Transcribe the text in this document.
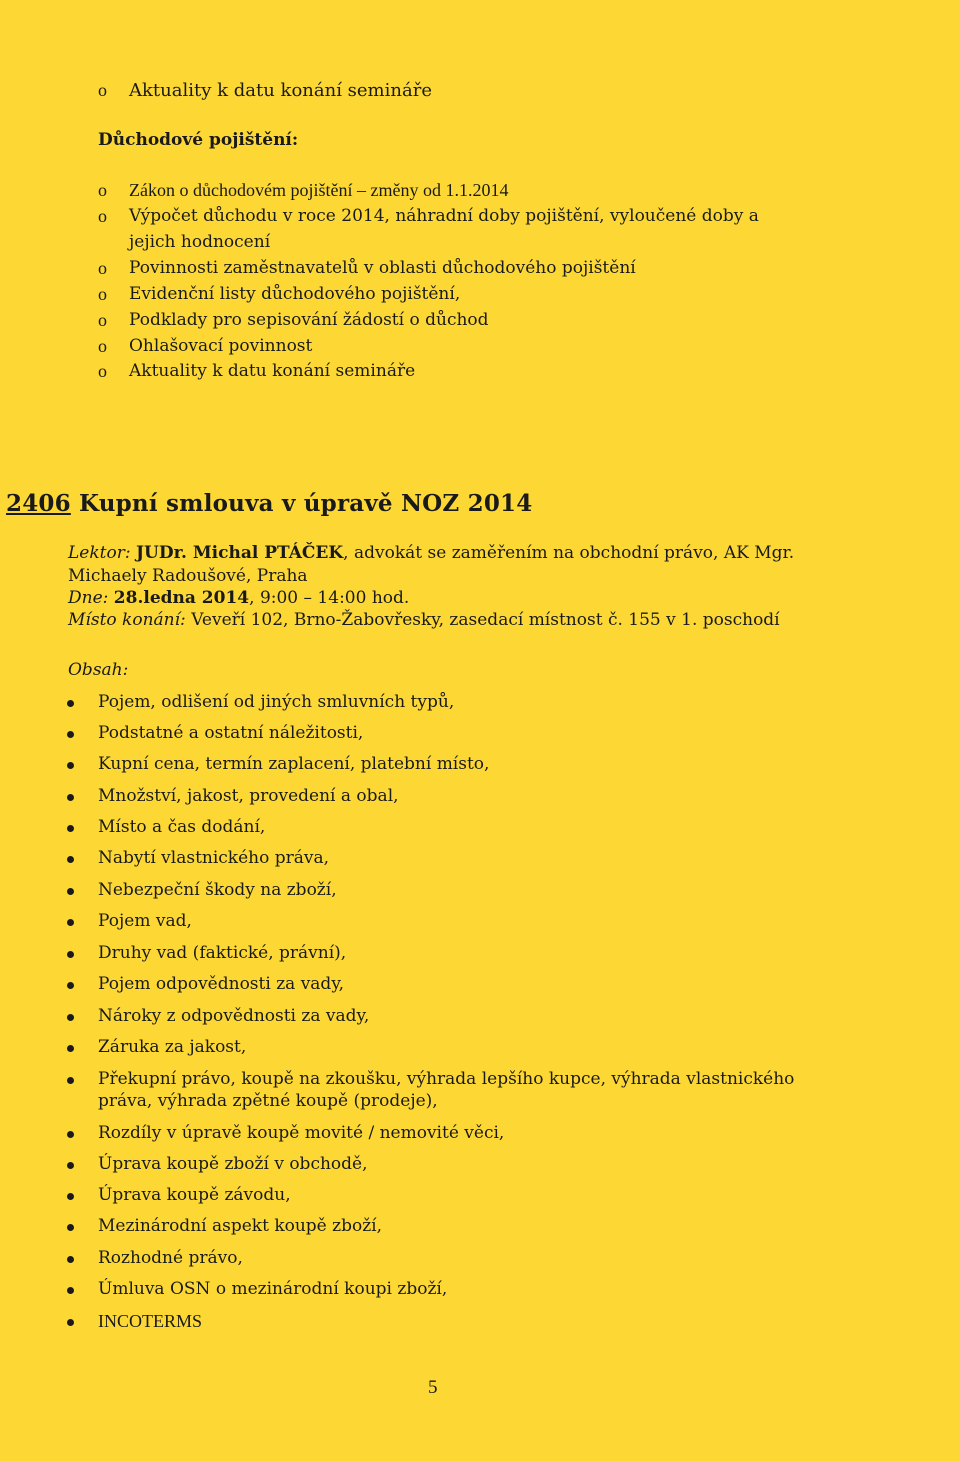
o Aktuality k datu konání semináře
Důchodové pojištění:
o Zákon o důchodovém pojištění – změny od 1.1.2014
o Výpočet důchodu v roce 2014, náhradní doby pojištění, vyloučené doby a
jejich hodnocení
o Povinnosti zaměstnavatelů v oblasti důchodového pojištění
o Evidenční listy důchodového pojištění,
o Podklady pro sepisování žádostí o důchod
o Ohlašovací povinnost
o Aktuality k datu konání semináře
2406 Kupní smlouva v úpravě NOZ 2014
Lektor: JUDr. Michal PTÁČEK, advokát se zaměřením na obchodní právo, AK Mgr.
Michaely Radoušové, Praha
Dne: 28.ledna 2014, 9:00 – 14:00 hod.
Místo konání: Veveří 102, Brno-Žabovřesky, zasedací místnost č. 155 v 1. poschodí
Obsah:
Pojem, odlišení od jiných smluvních typů,
Podstatné a ostatní náležitosti,
Kupní cena, termín zaplacení, platební místo,
Množství, jakost, provedení a obal,
Místo a čas dodání,
Nabytí vlastnického práva,
Nebezpeční škody na zboží,
Pojem vad,
Druhy vad (faktické, právní),
Pojem odpovědnosti za vady,
Nároky z odpovědnosti za vady,
Záruka za jakost,
Překupní právo, koupě na zkoušku, výhrada lepšího kupce, výhrada vlastnického
práva, výhrada zpětné koupě (prodeje),
Rozdíly v úpravě koupě movité / nemovité věci,
Úprava koupě zboží v obchodě,
Úprava koupě závodu,
Mezinárodní aspekt koupě zboží,
Rozhodné právo,
Úmluva OSN o mezinárodní koupi zboží,
INCOTERMS
5
